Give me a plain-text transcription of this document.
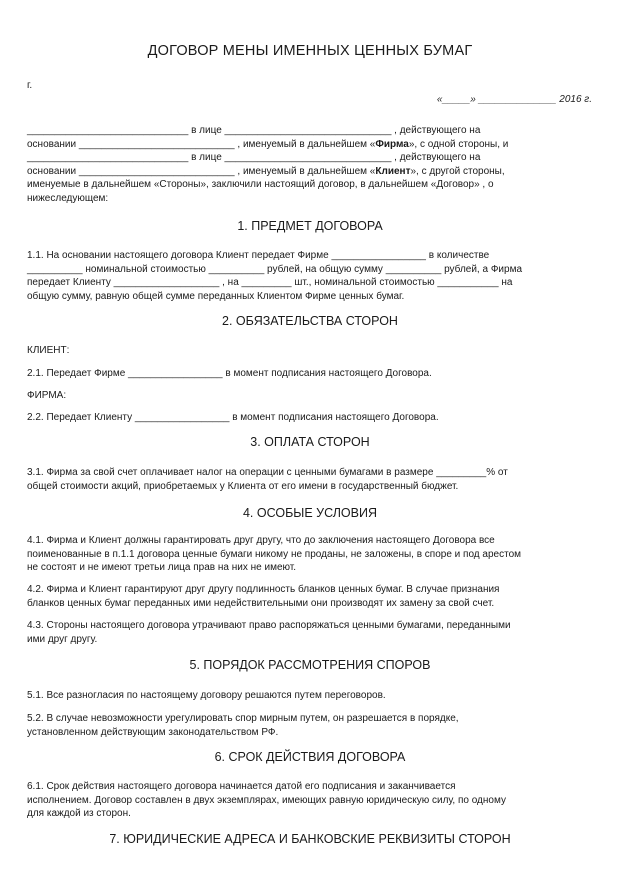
ДОГОВОР МЕНЫ ИМЕННЫХ ЦЕННЫХ БУМАГ
г.
«_____» ______________ 2016 г.
_____________________________ в лице ______________________________ , действующего на
основании ____________________________ , именуемый в дальнейшем «Фирма», с одной стороны, и
_____________________________ в лице ______________________________ , действующего на
основании ____________________________ , именуемый в дальнейшем «Клиент», с другой стороны,
именуемые в дальнейшем «Стороны», заключили настоящий договор, в дальнейшем «Договор» , о
нижеследующем:
1. ПРЕДМЕТ ДОГОВОРА
1.1. На основании настоящего договора Клиент передает Фирме _________________ в количестве
__________ номинальной стоимостью __________ рублей, на общую сумму __________ рублей, а Фирма
передает Клиенту ___________________ , на _________ шт., номинальной стоимостью ___________ на
общую сумму, равную общей сумме переданных Клиентом Фирме ценных бумаг.
2. ОБЯЗАТЕЛЬСТВА СТОРОН
КЛИЕНТ:
2.1. Передает Фирме _________________ в момент подписания настоящего Договора.
ФИРМА:
2.2. Передает Клиенту _________________ в момент подписания настоящего Договора.
3. ОПЛАТА СТОРОН
3.1. Фирма за свой счет оплачивает налог на операции с ценными бумагами в размере _________% от
общей стоимости акций, приобретаемых у Клиента от его имени в государственный бюджет.
4. ОСОБЫЕ УСЛОВИЯ
4.1. Фирма и Клиент должны гарантировать друг другу, что до заключения настоящего Договора все
поименованные в п.1.1 договора ценные бумаги никому не проданы, не заложены, в споре и под арестом
не состоят и не имеют третьи лица прав на них не имеют.
4.2. Фирма и Клиент гарантируют друг другу подлинность бланков ценных бумаг. В случае признания
бланков ценных бумаг переданных ими недействительными они производят их замену за свой счет.
4.3. Стороны настоящего договора утрачивают право распоряжаться ценными бумагами, переданными
ими друг другу.
5. ПОРЯДОК РАССМОТРЕНИЯ СПОРОВ
5.1. Все разногласия по настоящему договору решаются путем переговоров.
5.2. В случае невозможности урегулировать спор мирным путем, он разрешается в порядке,
установленном действующим законодательством РФ.
6. СРОК ДЕЙСТВИЯ ДОГОВОРА
6.1. Срок действия настоящего договора начинается датой его подписания и заканчивается
исполнением. Договор составлен в двух экземплярах, имеющих равную юридическую силу, по одному
для каждой из сторон.
7. ЮРИДИЧЕСКИЕ АДРЕСА И БАНКОВСКИЕ РЕКВИЗИТЫ СТОРОН
